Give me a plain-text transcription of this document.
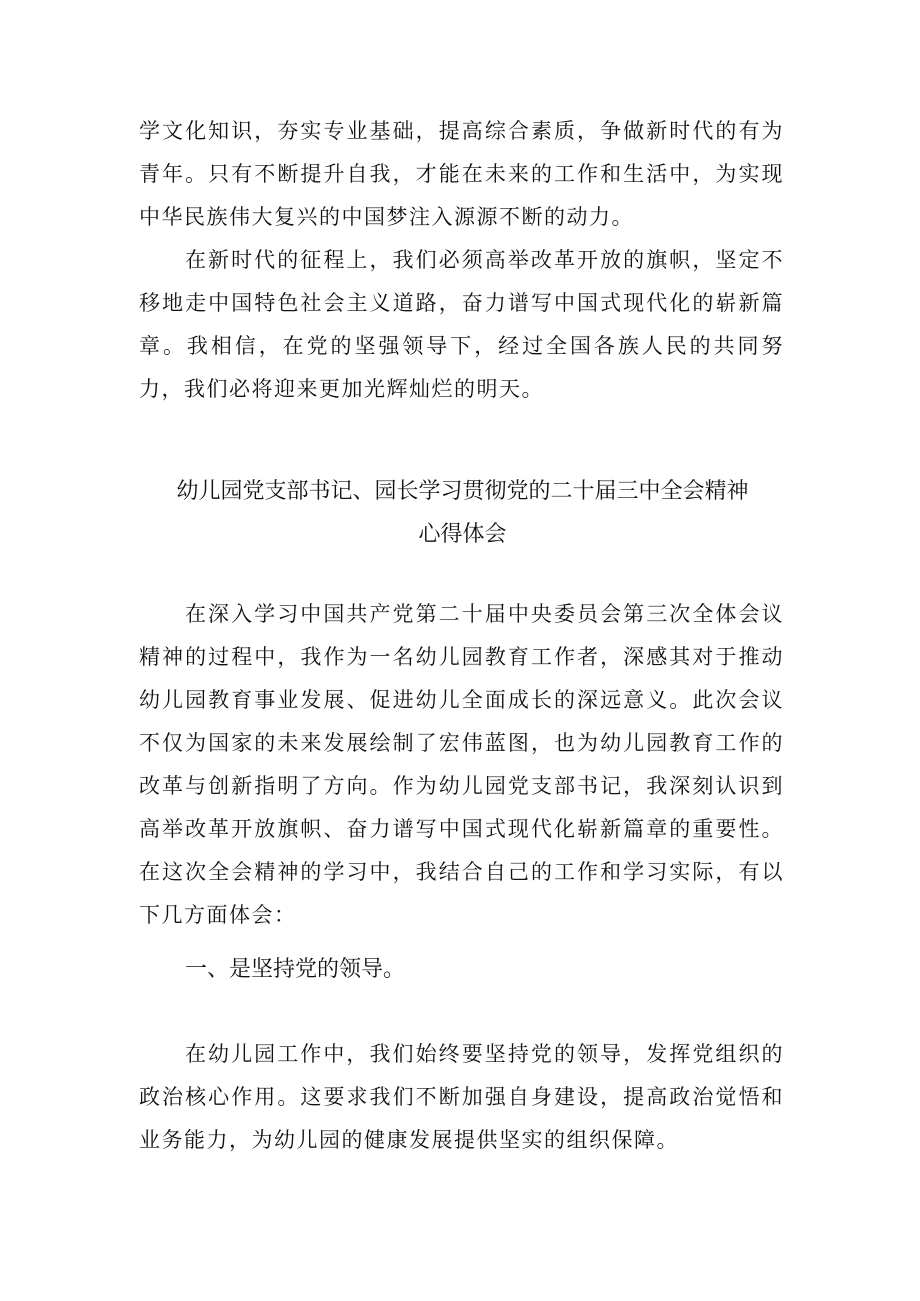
学文化知识，夯实专业基础，提高综合素质，争做新时代的有为青年。只有不断提升自我，才能在未来的工作和生活中，为实现中华民族伟大复兴的中国梦注入源源不断的动力。

在新时代的征程上，我们必须高举改革开放的旗帜，坚定不移地走中国特色社会主义道路，奋力谱写中国式现代化的崭新篇章。我相信，在党的坚强领导下，经过全国各族人民的共同努力，我们必将迎来更加光辉灿烂的明天。

幼儿园党支部书记、园长学习贯彻党的二十届三中全会精神
心得体会

在深入学习中国共产党第二十届中央委员会第三次全体会议精神的过程中，我作为一名幼儿园教育工作者，深感其对于推动幼儿园教育事业发展、促进幼儿全面成长的深远意义。此次会议不仅为国家的未来发展绘制了宏伟蓝图，也为幼儿园教育工作的改革与创新指明了方向。作为幼儿园党支部书记，我深刻认识到高举改革开放旗帜、奋力谱写中国式现代化崭新篇章的重要性。在这次全会精神的学习中，我结合自己的工作和学习实际，有以下几方面体会：

一、是坚持党的领导。

在幼儿园工作中，我们始终要坚持党的领导，发挥党组织的政治核心作用。这要求我们不断加强自身建设，提高政治觉悟和业务能力，为幼儿园的健康发展提供坚实的组织保障。
